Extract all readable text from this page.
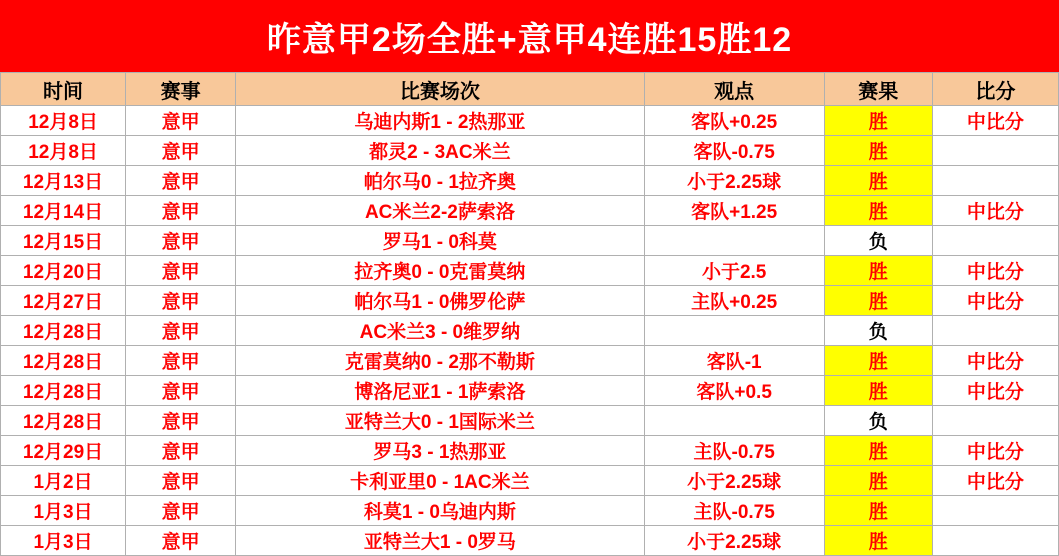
昨意甲2场全胜+意甲4连胜15胜12
时间	赛事	比赛场次	观点	赛果	比分
12月8日	意甲	乌迪内斯1 - 2热那亚	客队+0.25	胜	中比分
12月8日	意甲	都灵2 - 3AC米兰	客队-0.75	胜	
12月13日	意甲	帕尔马0 - 1拉齐奥	小于2.25球	胜	
12月14日	意甲	AC米兰2-2萨索洛	客队+1.25	胜	中比分
12月15日	意甲	罗马1 - 0科莫		负	
12月20日	意甲	拉齐奥0 - 0克雷莫纳	小于2.5	胜	中比分
12月27日	意甲	帕尔马1 - 0佛罗伦萨	主队+0.25	胜	中比分
12月28日	意甲	AC米兰3 - 0维罗纳		负	
12月28日	意甲	克雷莫纳0 - 2那不勒斯	客队-1	胜	中比分
12月28日	意甲	博洛尼亚1 - 1萨索洛	客队+0.5	胜	中比分
12月28日	意甲	亚特兰大0 - 1国际米兰		负	
12月29日	意甲	罗马3 - 1热那亚	主队-0.75	胜	中比分
1月2日	意甲	卡利亚里0 - 1AC米兰	小于2.25球	胜	中比分
1月3日	意甲	科莫1 - 0乌迪内斯	主队-0.75	胜	
1月3日	意甲	亚特兰大1 - 0罗马	小于2.25球	胜	
